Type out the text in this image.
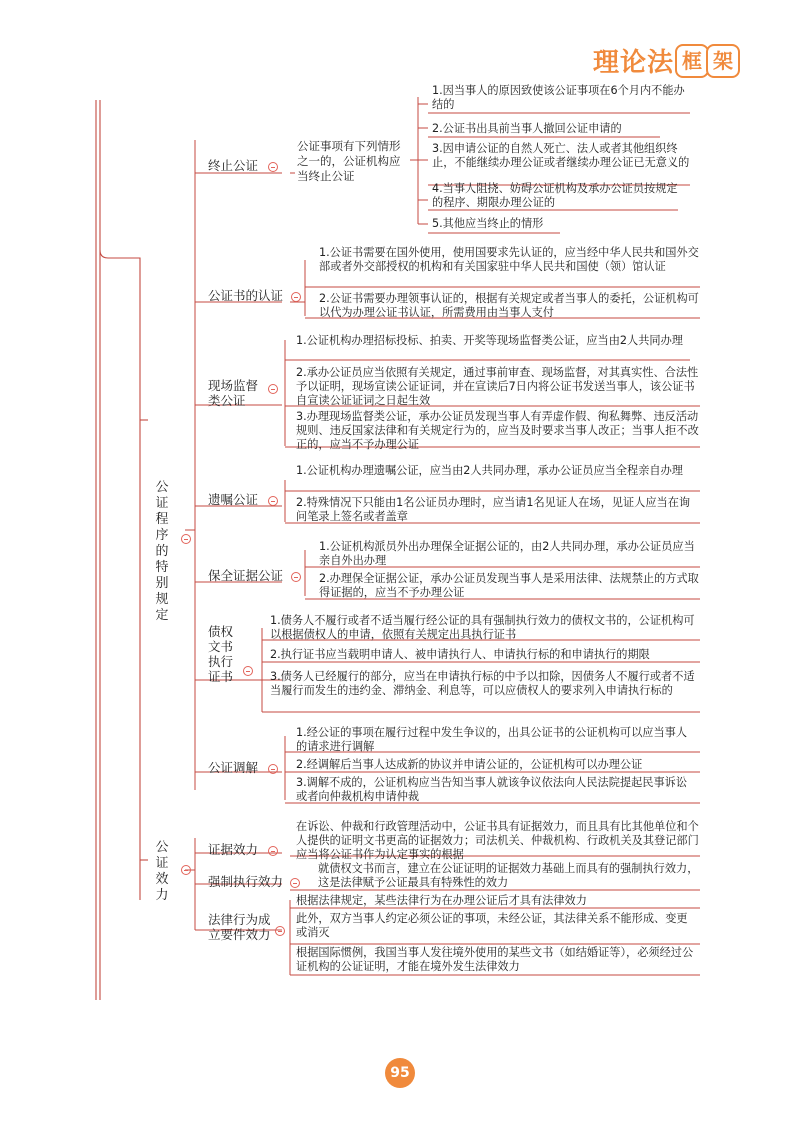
理论法 框 架
公证程序的特别规定
公证效力
终止公证
公证事项有下列情形之一的，公证机构应当终止公证
1.因当事人的原因致使该公证事项在6个月内不能办结的
2.公证书出具前当事人撤回公证申请的
3.因申请公证的自然人死亡、法人或者其他组织终止，不能继续办理公证或者继续办理公证已无意义的
4.当事人阻挠、妨碍公证机构及承办公证员按规定的程序、期限办理公证的
5.其他应当终止的情形
公证书的认证
1.公证书需要在国外使用，使用国要求先认证的，应当经中华人民共和国外交部或者外交部授权的机构和有关国家驻中华人民共和国使（领）馆认证
2.公证书需要办理领事认证的，根据有关规定或者当事人的委托，公证机构可以代为办理公证书认证，所需费用由当事人支付
现场监督类公证
1.公证机构办理招标投标、拍卖、开奖等现场监督类公证，应当由2人共同办理
2.承办公证员应当依照有关规定，通过事前审查、现场监督，对其真实性、合法性予以证明，现场宣读公证证词，并在宣读后7日内将公证书发送当事人，该公证书自宣读公证证词之日起生效
3.办理现场监督类公证，承办公证员发现当事人有弄虚作假、徇私舞弊、违反活动规则、违反国家法律和有关规定行为的，应当及时要求当事人改正；当事人拒不改正的，应当不予办理公证
遗嘱公证
1.公证机构办理遗嘱公证，应当由2人共同办理，承办公证员应当全程亲自办理
2.特殊情况下只能由1名公证员办理时，应当请1名见证人在场，见证人应当在询问笔录上签名或者盖章
保全证据公证
1.公证机构派员外出办理保全证据公证的，由2人共同办理，承办公证员应当亲自外出办理
2.办理保全证据公证，承办公证员发现当事人是采用法律、法规禁止的方式取得证据的，应当不予办理公证
债权文书执行证书
1.债务人不履行或者不适当履行经公证的具有强制执行效力的债权文书的，公证机构可以根据债权人的申请，依照有关规定出具执行证书
2.执行证书应当载明申请人、被申请执行人、申请执行标的和申请执行的期限
3.债务人已经履行的部分，应当在申请执行标的中予以扣除，因债务人不履行或者不适当履行而发生的违约金、滞纳金、利息等，可以应债权人的要求列入申请执行标的
公证调解
1.经公证的事项在履行过程中发生争议的，出具公证书的公证机构可以应当事人的请求进行调解
2.经调解后当事人达成新的协议并申请公证的，公证机构可以办理公证
3.调解不成的，公证机构应当告知当事人就该争议依法向人民法院提起民事诉讼或者向仲裁机构申请仲裁
证据效力
在诉讼、仲裁和行政管理活动中，公证书具有证据效力，而且具有比其他单位和个人提供的证明文书更高的证据效力；司法机关、仲裁机构、行政机关及其登记部门应当将公证书作为认定事实的根据
强制执行效力
就债权文书而言，建立在公证证明的证据效力基础上而具有的强制执行效力，这是法律赋予公证最具有特殊性的效力
法律行为成立要件效力
根据法律规定，某些法律行为在办理公证后才具有法律效力
此外，双方当事人约定必须公证的事项，未经公证，其法律关系不能形成、变更或消灭
根据国际惯例，我国当事人发往境外使用的某些文书（如结婚证等），必须经过公证机构的公证证明，才能在境外发生法律效力
95
